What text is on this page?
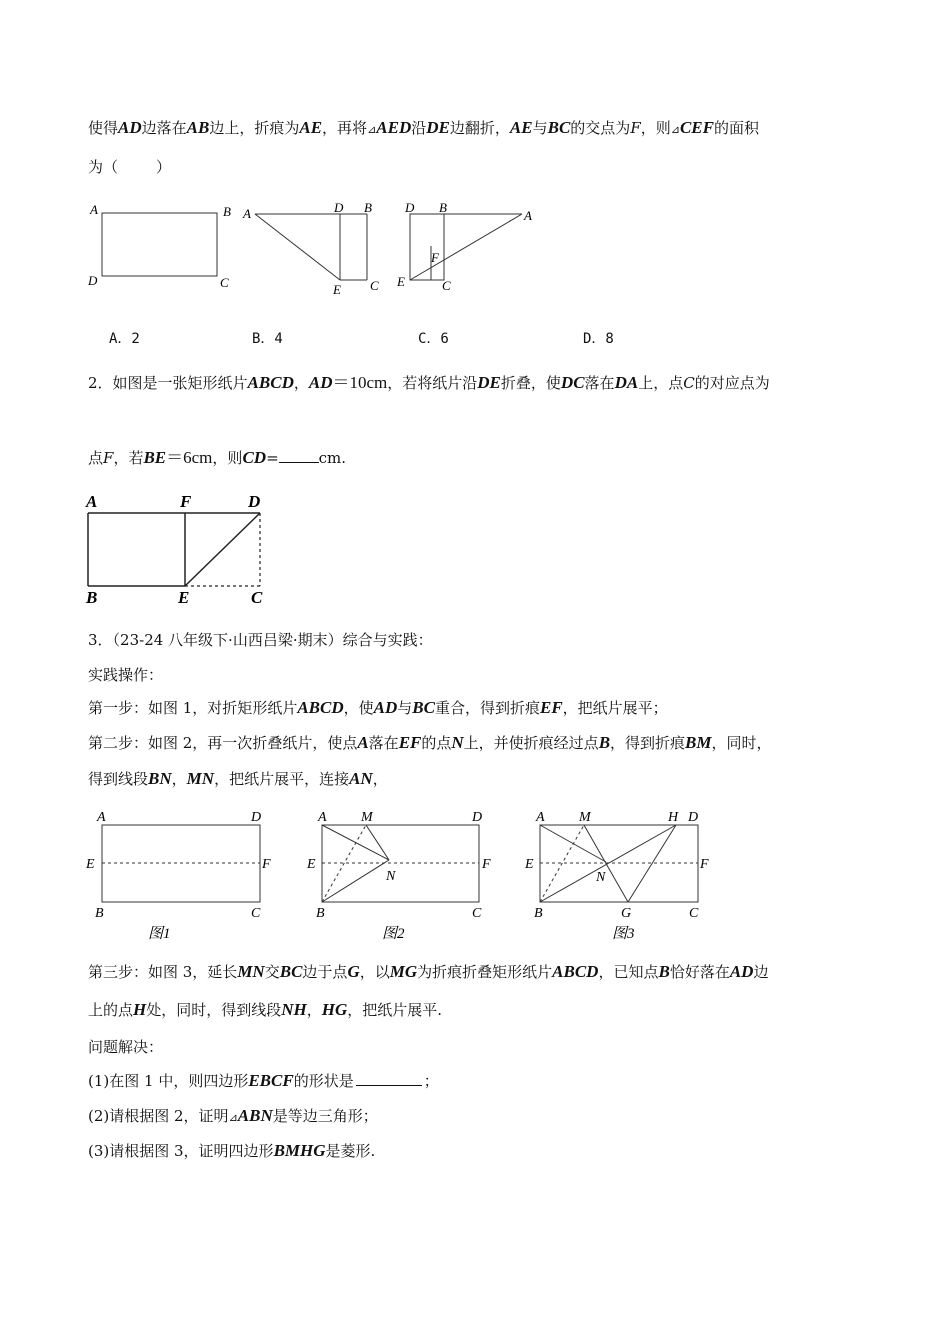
使得AD边落在AB边上，折痕为AE，再将⊿AED沿DE边翻折，AE与BC的交点为F，则⊿CEF的面积
为（	）
A	B
D	C
A	D B
E C
D B
A
F
E	C
A．2	B．4	C．6	D．8
2．如图是一张矩形纸片ABCD，AD＝10cm，若将纸片沿DE折叠，使DC落在DA上，点C的对应点为
点F，若BE＝6cm，则CD=	cm.
A	F	D
B	E	C
3．（23-24 八年级下·山西吕梁·期末）综合与实践：
实践操作：
第一步：如图 1，对折矩形纸片ABCD，使AD与BC重合，得到折痕EF，把纸片展平；
第二步：如图 2，再一次折叠纸片，使点A落在EF的点N上，并使折痕经过点B，得到折痕BM，同时，
得到线段BN，MN，把纸片展平，连接AN，
A	D
E	F
B	C
图1
A M	D
E	F
N
B	C
图2
A M	H D
E	F
N
B	G	C
图3
第三步：如图 3，延长MN交BC边于点G，以MG为折痕折叠矩形纸片ABCD，已知点B恰好落在AD边
上的点H处，同时，得到线段NH，HG，把纸片展平.
问题解决：
(1)在图 1 中，则四边形EBCF的形状是	；
(2)请根据图 2，证明⊿ABN是等边三角形；
(3)请根据图 3，证明四边形BMHG是菱形.
